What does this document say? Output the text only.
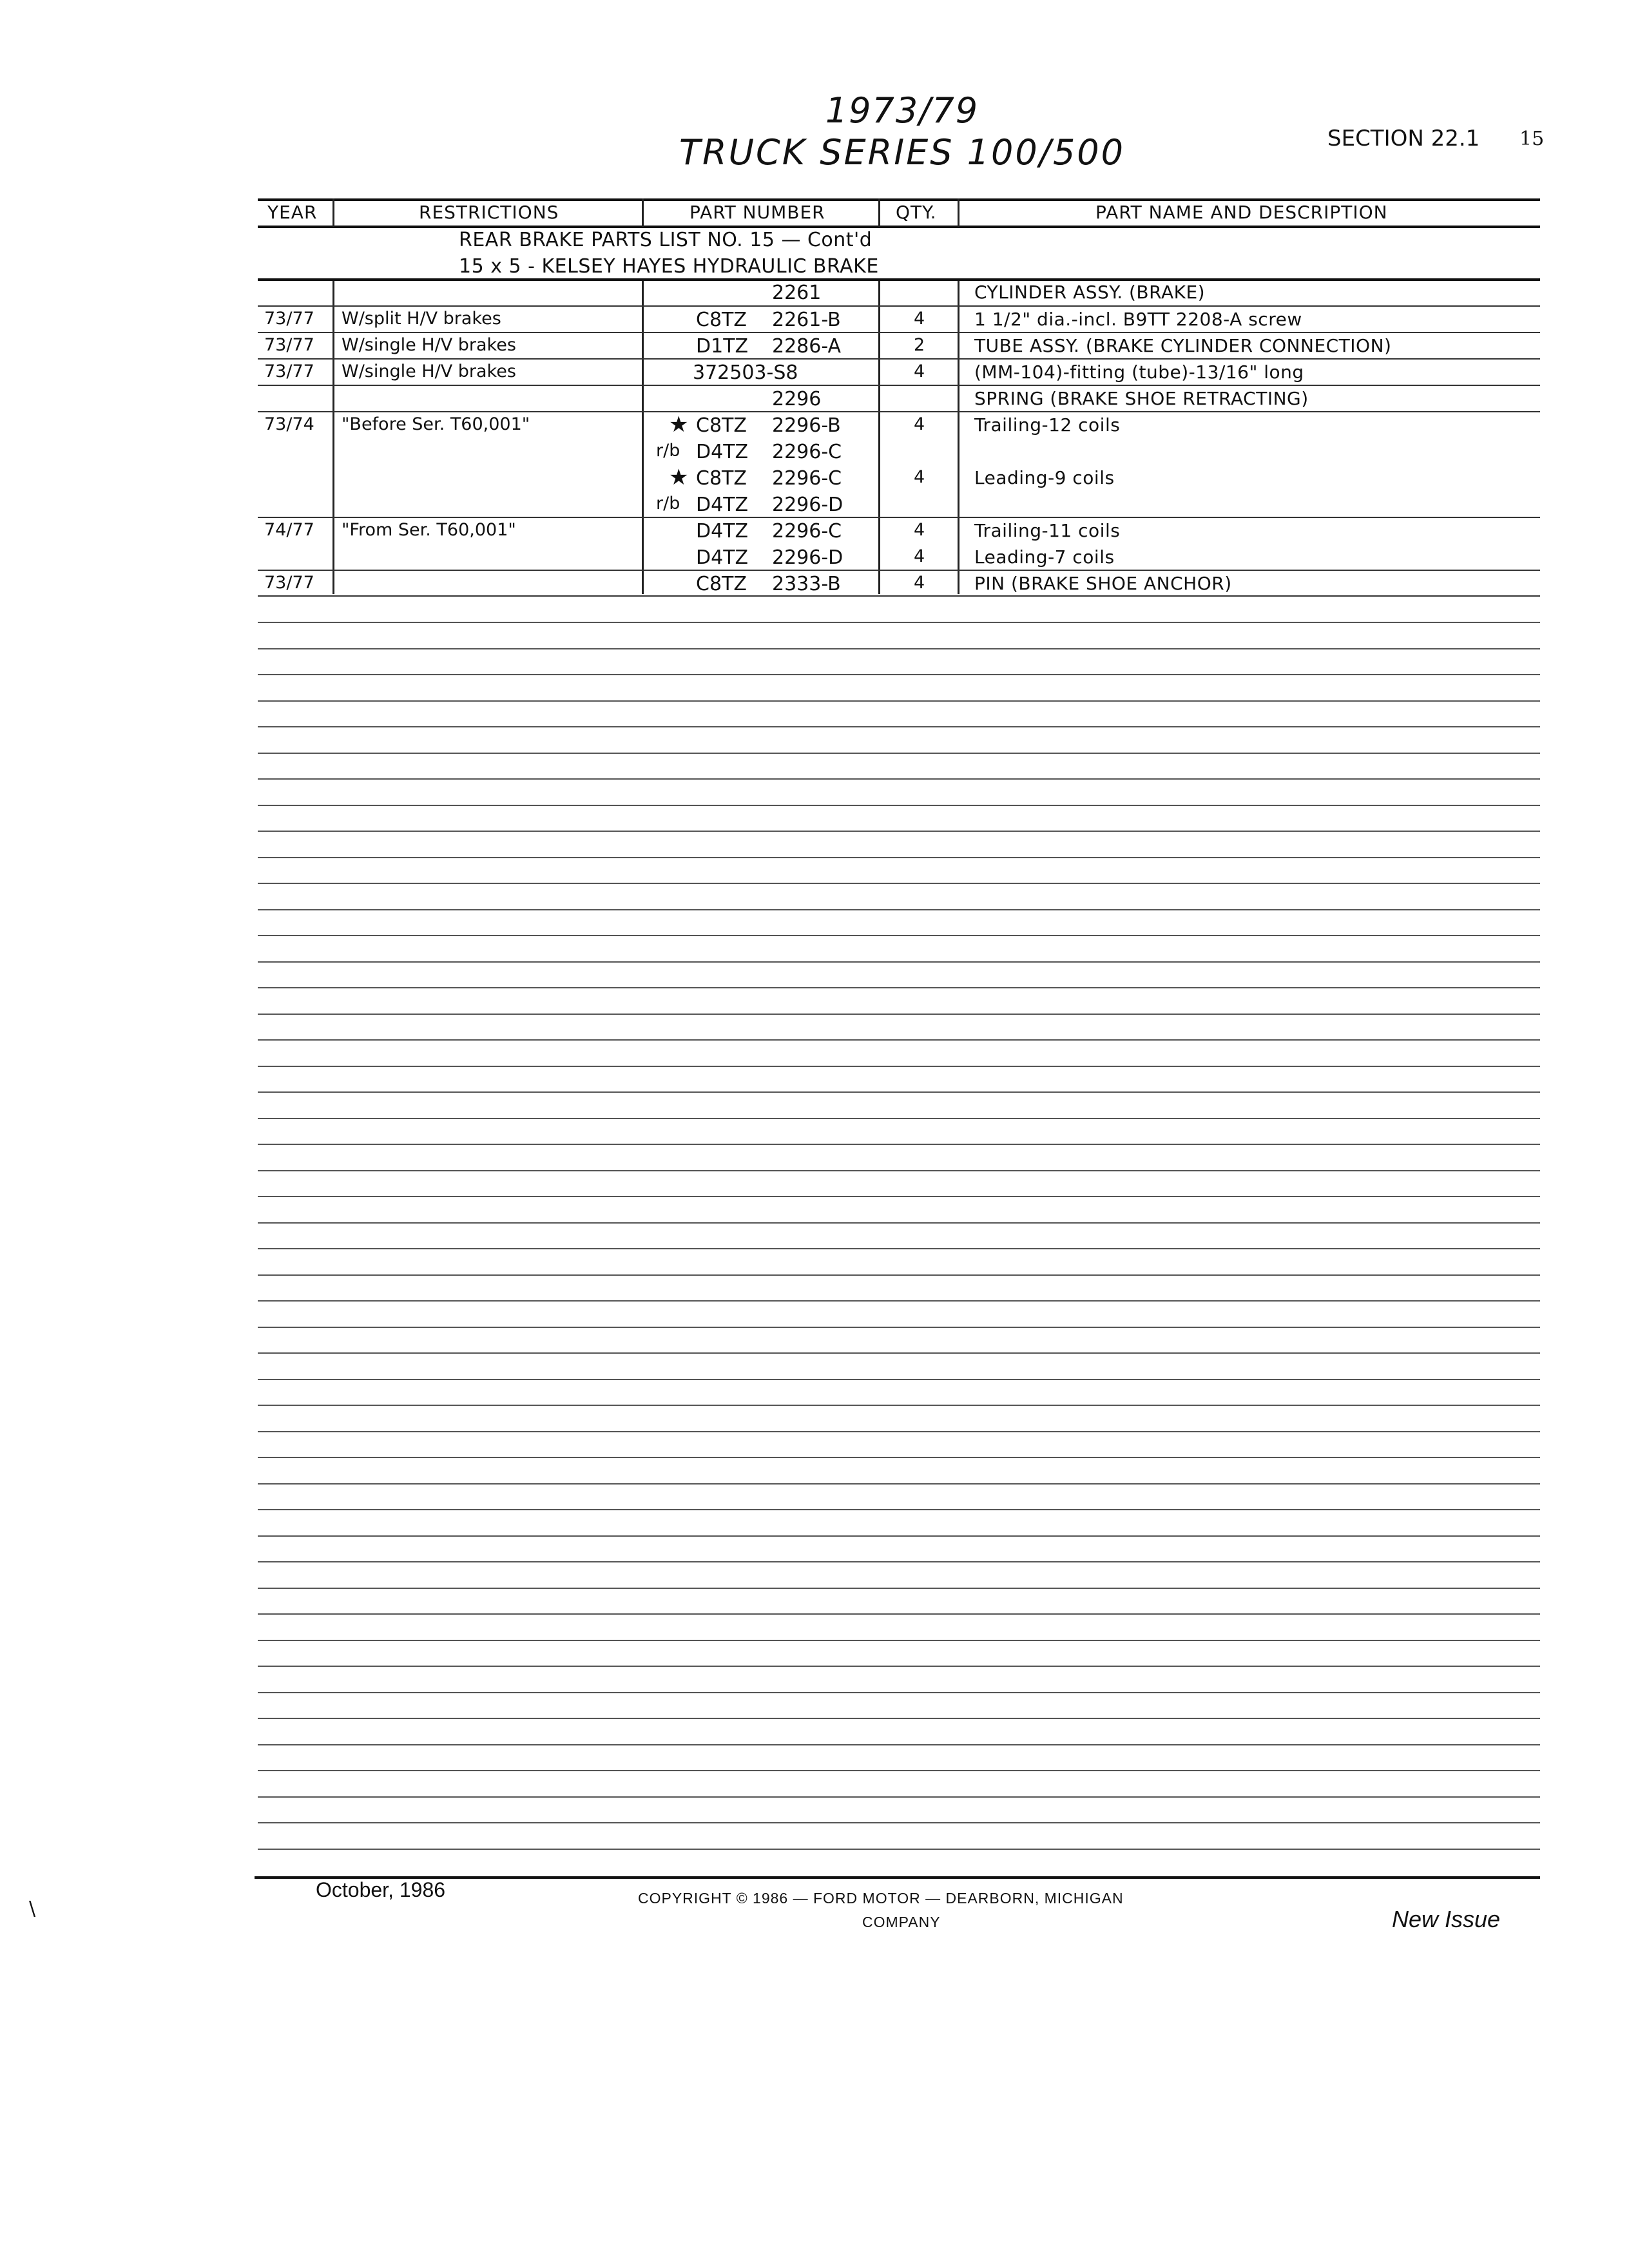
1973/79
TRUCK SERIES 100/500	SECTION 22.1 15
YEAR	RESTRICTIONS	PART NUMBER	QTY.	PART NAME AND DESCRIPTION
REAR BRAKE PARTS LIST NO. 15 — Cont'd
15 x 5 - KELSEY HAYES HYDRAULIC BRAKE
2261	CYLINDER ASSY. (BRAKE)
73/77 W/split H/V brakes	C8TZ 2261-B	4	1 1/2" dia.-incl. B9TT 2208-A screw
73/77 W/single H/V brakes	D1TZ 2286-A	2	TUBE ASSY. (BRAKE CYLINDER CONNECTION)
73/77 W/single H/V brakes	372503-S8	4	(MM-104)-fitting (tube)-13/16" long
2296	SPRING (BRAKE SHOE RETRACTING)
73/74 "Before Ser. T60,001"	★ C8TZ 2296-B	4	Trailing-12 coils
r/b D4TZ 2296-C
★ C8TZ 2296-C	4	Leading-9 coils
r/b D4TZ 2296-D
74/77 "From Ser. T60,001"	D4TZ 2296-C	4	Trailing-11 coils
D4TZ 2296-D	4	Leading-7 coils
73/77	C8TZ 2333-B	4	PIN (BRAKE SHOE ANCHOR)
October, 1986	COPYRIGHT © 1986 — FORD MOTOR — DEARBORN, MICHIGAN
COMPANY	New Issue
\
